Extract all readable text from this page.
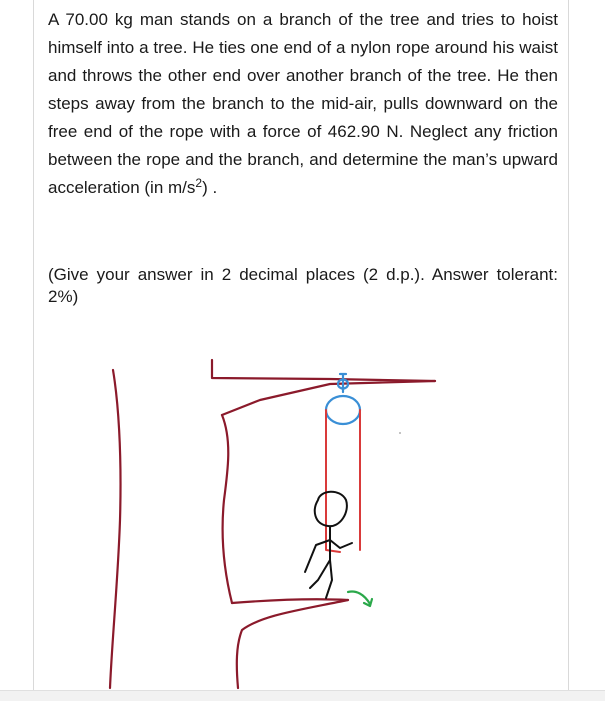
A 70.00 kg man stands on a branch of the tree and tries to hoist himself into a tree. He ties one end of a nylon rope around his waist and throws the other end over another branch of the tree. He then steps away from the branch to the mid-air, pulls downward on the free end of the rope with a force of 462.90 N. Neglect any friction between the rope and the branch, and determine the man’s upward acceleration (in $m/s^2$) .

(Give your answer in 2 decimal places (2 d.p.). Answer tolerant: 2%)
